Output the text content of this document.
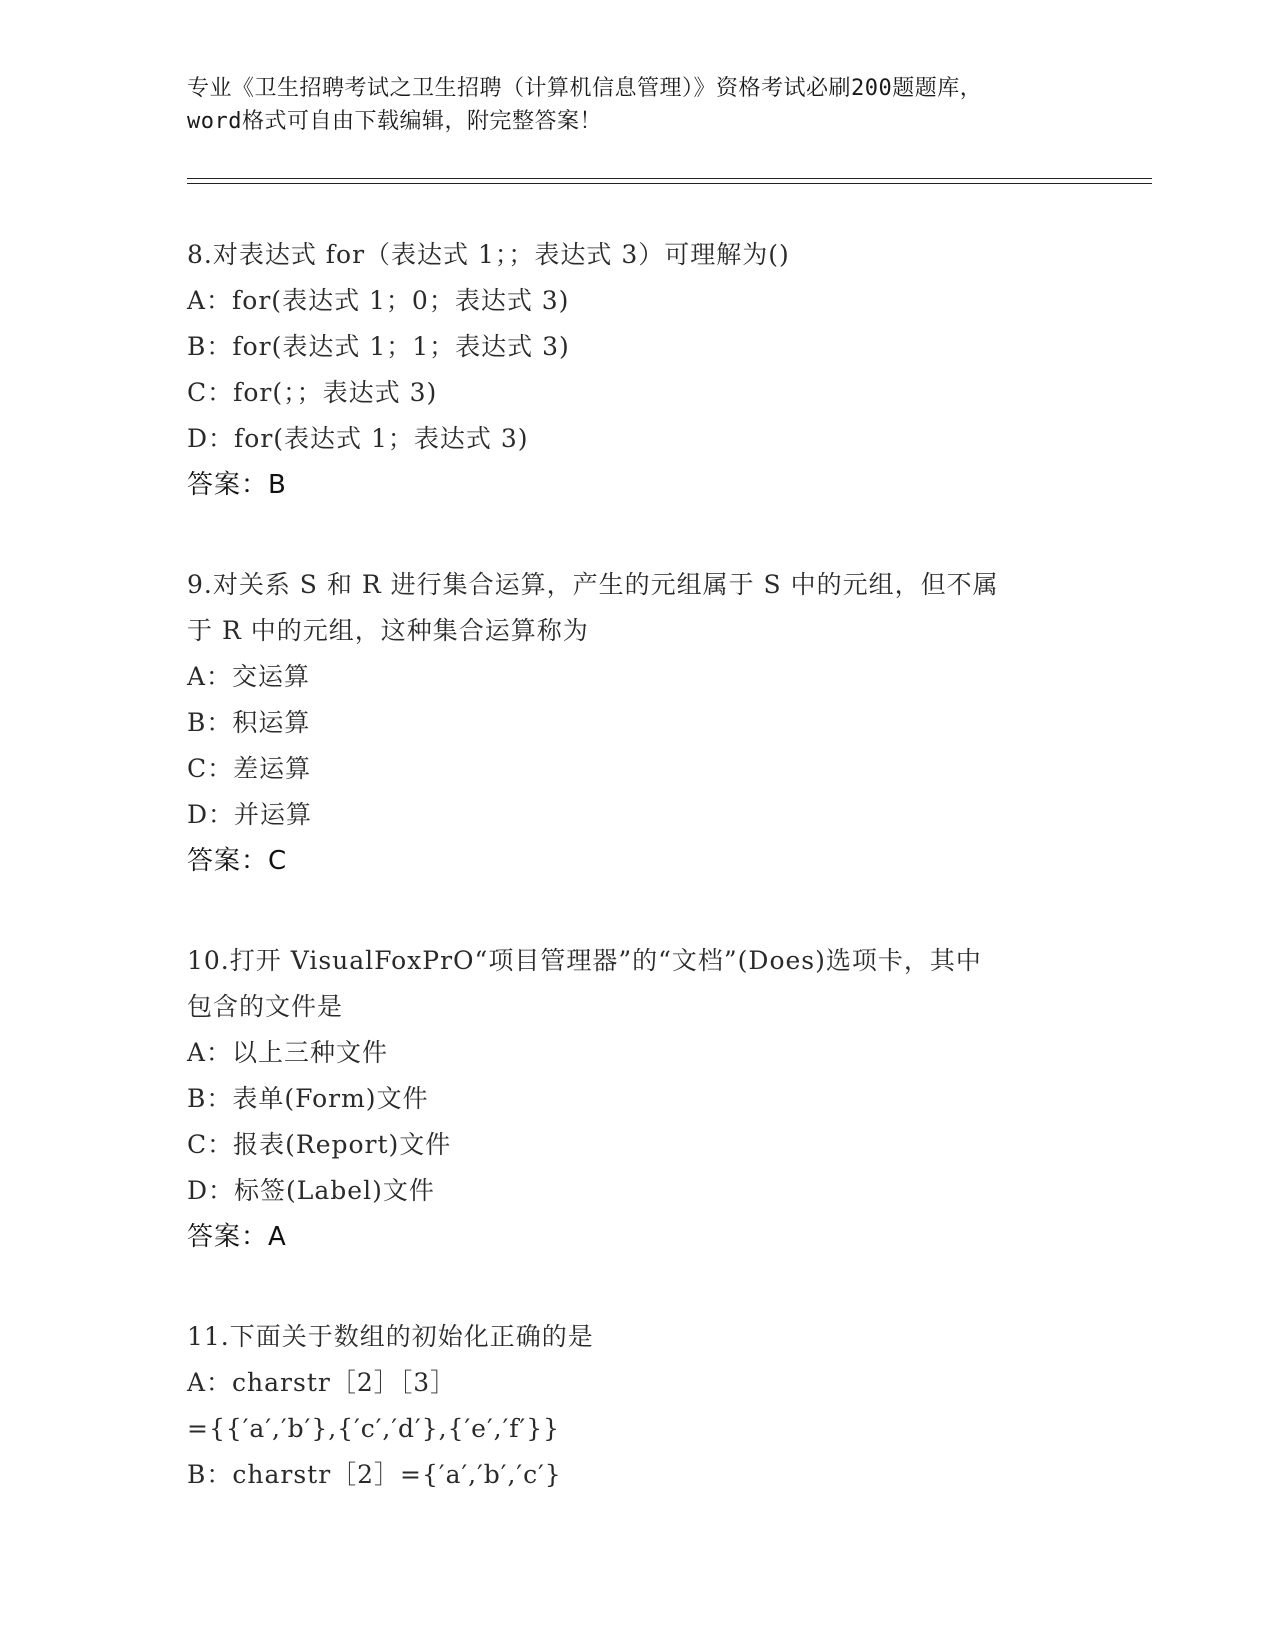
专业《卫生招聘考试之卫生招聘（计算机信息管理）》资格考试必刷200题题库，
word格式可自由下载编辑，附完整答案！
8.对表达式 for（表达式 1；；表达式 3）可理解为()
A：for(表达式 1；0；表达式 3)
B：for(表达式 1；1；表达式 3)
C：for(；；表达式 3)
D：for(表达式 1；表达式 3)
答案：B
9.对关系 S 和 R 进行集合运算，产生的元组属于 S 中的元组，但不属
于 R 中的元组，这种集合运算称为
A：交运算
B：积运算
C：差运算
D：并运算
答案：C
10.打开 VisualFoxPrO“项目管理器”的“文档”(Does)选项卡，其中
包含的文件是
A：以上三种文件
B：表单(Form)文件
C：报表(Report)文件
D：标签(Label)文件
答案：A
11.下面关于数组的初始化正确的是
A：charstr［2］［3］
={{′a′,′b′},{′c′,′d′},{′e′,′f′}}
B：charstr［2］={′a′,′b′,′c′}
